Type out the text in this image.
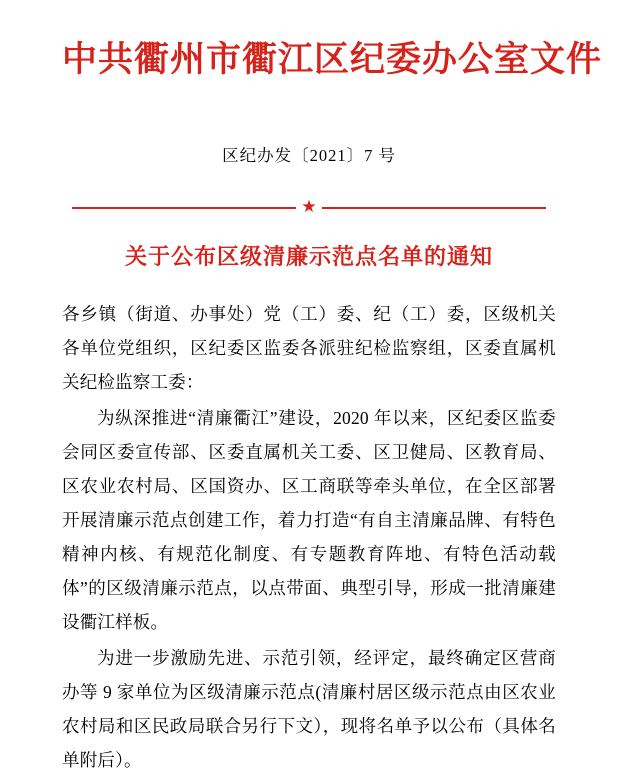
中共衢州市衢江区纪委办公室文件

区纪办发〔2021〕7 号

★
关于公布区级清廉示范点名单的通知

各乡镇（街道、办事处）党（工）委、纪（工）委，区级机关各单位党组织，区纪委区监委各派驻纪检监察组，区委直属机关纪检监察工委：

为纵深推进“清廉衢江”建设，2020 年以来，区纪委区监委会同区委宣传部、区委直属机关工委、区卫健局、区教育局、区农业农村局、区国资办、区工商联等牵头单位，在全区部署开展清廉示范点创建工作，着力打造“有自主清廉品牌、有特色精神内核、有规范化制度、有专题教育阵地、有特色活动载体”的区级清廉示范点，以点带面、典型引导，形成一批清廉建设衢江样板。

为进一步激励先进、示范引领，经评定，最终确定区营商办等 9 家单位为区级清廉示范点(清廉村居区级示范点由区农业农村局和区民政局联合另行下文），现将名单予以公布（具体名单附后）。
